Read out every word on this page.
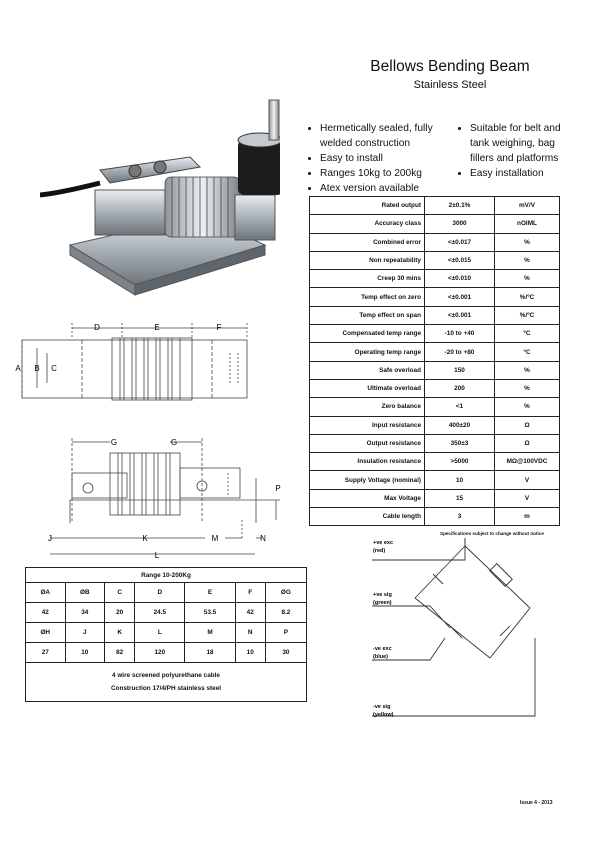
Bellows Bending Beam
Stainless Steel
• Hermetically sealed, fully welded construction
• Easy to install
• Ranges 10kg to 200kg
• Atex version available
• Suitable for belt and tank weighing, bag fillers and platforms
• Easy installation
Rated output	2±0.1%	mV/V
Accuracy class	3000	nOIML
Combined error	<±0.017	%
Non repeatability	<±0.015	%
Creep 30 mins	<±0.010	%
Temp effect on zero	<±0.001	%/ºC
Temp effect on span	<±0.001	%/ºC
Compensated temp range	-10 to +40	ºC
Operating temp range	-20 to +80	ºC
Safe overload	150	%
Ultimate overload	200	%
Zero balance	<1	%
Input resistance	400±20	Ω
Output resistance	350±3	Ω
Insulation resistance	>5000	MΩ@100VDC
Supply Voltage (nominal)	10	V
Max Voltage	15	V
Cable length	3	m
Specifications subject to change without notice
D	E	F
A B C
G	G
P
J	K	M	N
L
Range 10-200Kg						
ØA	ØB	C	D	E	F	ØG
42	34	20	24.5	53.5	42	8.2
ØH	J	K	L	M	N	P
27	10	82	120	18	10	30
4 wire screened polyurethane cable						
Construction 17/4/PH stainless steel						
+ve exc
(red)
+ve sig
(green)
-ve exc
(blue)
-ve sig
(yellow)
Issue 4 - 2013
